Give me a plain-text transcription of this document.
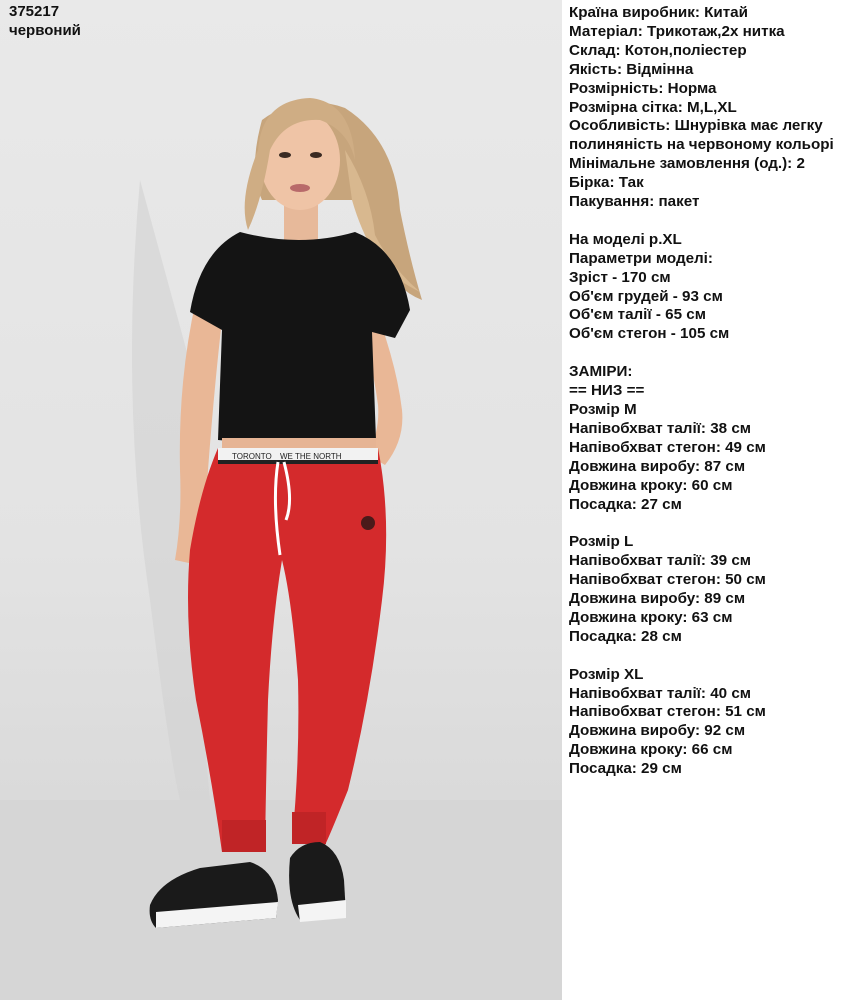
TORONTO WE THE NORTH
375217
червоний
Країна виробник: Китай
Матеріал: Трикотаж,2х нитка
Склад: Котон,поліестер
Якість: Відмінна
Розмірність: Норма
Розмірна сітка: M,L,XL
Особливість: Шнурівка має легку полиняність на червоному кольорі
Мінімальне замовлення (од.): 2
Бірка: Так
Пакування: пакет
На моделі р.XL
Параметри моделі:
Зріст - 170 см
Об'єм грудей - 93 см
Об'єм талії - 65 см
Об'єм стегон - 105 см
ЗАМІРИ:
== НИЗ ==
Розмір M
Напівобхват талії: 38 см
Напівобхват стегон: 49 см
Довжина виробу: 87 см
Довжина кроку: 60 см
Посадка: 27 см
Розмір L
Напівобхват талії: 39 см
Напівобхват стегон: 50 см
Довжина виробу: 89 см
Довжина кроку: 63 см
Посадка: 28 см
Розмір XL
Напівобхват талії: 40 см
Напівобхват стегон: 51 см
Довжина виробу: 92 см
Довжина кроку: 66 см
Посадка: 29 см
